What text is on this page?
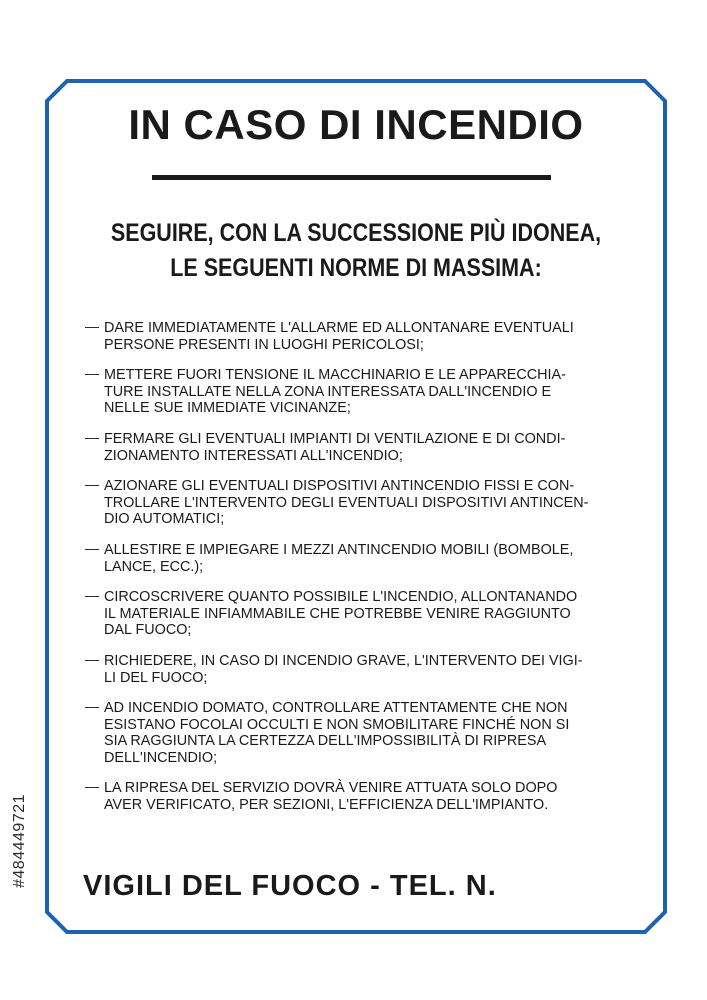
IN CASO DI INCENDIO
SEGUIRE, CON LA SUCCESSIONE PIÙ IDONEA,
LE SEGUENTI NORME DI MASSIMA:
— DARE IMMEDIATAMENTE L'ALLARME ED ALLONTANARE EVENTUALI
PERSONE PRESENTI IN LUOGHI PERICOLOSI;
— METTERE FUORI TENSIONE IL MACCHINARIO E LE APPARECCHIA-
TURE INSTALLATE NELLA ZONA INTERESSATA DALL'INCENDIO E
NELLE SUE IMMEDIATE VICINANZE;
— FERMARE GLI EVENTUALI IMPIANTI DI VENTILAZIONE E DI CONDI-
ZIONAMENTO INTERESSATI ALL'INCENDIO;
— AZIONARE GLI EVENTUALI DISPOSITIVI ANTINCENDIO FISSI E CON-
TROLLARE L'INTERVENTO DEGLI EVENTUALI DISPOSITIVI ANTINCEN-
DIO AUTOMATICI;
— ALLESTIRE E IMPIEGARE I MEZZI ANTINCENDIO MOBILI (BOMBOLE,
LANCE, ECC.);
— CIRCOSCRIVERE QUANTO POSSIBILE L'INCENDIO, ALLONTANANDO
IL MATERIALE INFIAMMABILE CHE POTREBBE VENIRE RAGGIUNTO
DAL FUOCO;
— RICHIEDERE, IN CASO DI INCENDIO GRAVE, L'INTERVENTO DEI VIGI-
LI DEL FUOCO;
— AD INCENDIO DOMATO, CONTROLLARE ATTENTAMENTE CHE NON
ESISTANO FOCOLAI OCCULTI E NON SMOBILITARE FINCHÉ NON SI
SIA RAGGIUNTA LA CERTEZZA DELL'IMPOSSIBILITÀ DI RIPRESA
DELL'INCENDIO;
— LA RIPRESA DEL SERVIZIO DOVRÀ VENIRE ATTUATA SOLO DOPO
AVER VERIFICATO, PER SEZIONI, L'EFFICIENZA DELL'IMPIANTO.
VIGILI DEL FUOCO - TEL. N.
#484449721
